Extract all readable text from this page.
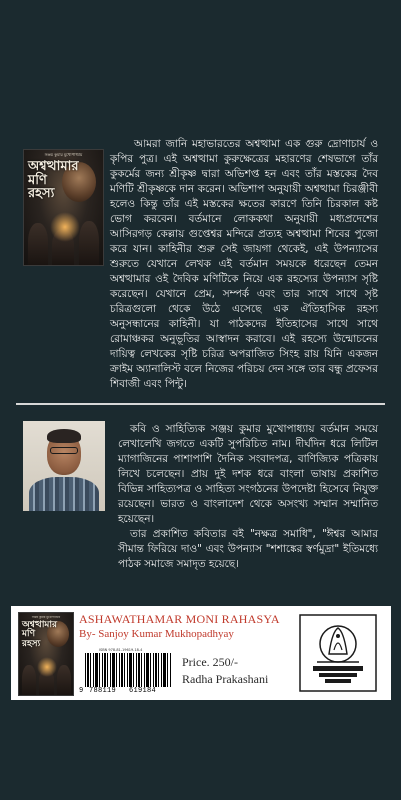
সঞ্জয় কুমার মুখোপাধ্যায়
অশ্বত্থামার
মণি
রহস্য

আমরা জানি মহাভারতের অশ্বত্থামা এক গুরু দ্রোণাচার্য ও কৃপির পুত্র। এই অশ্বত্থামা কুরুক্ষেত্রের মহারণের শেষভাগে তাঁর কুকর্মের জন্য শ্রীকৃষ্ণ দ্বারা অভিশপ্ত হন এবং তাঁর মস্তকের দৈব মণিটি শ্রীকৃষ্ণকে দান করেন। অভিশাপ অনুযায়ী অশ্বত্থামা চিরঞ্জীবী হলেও কিন্তু তাঁর এই মস্তকের ক্ষতের কারণে তিনি চিরকাল কষ্ট ভোগ করবেন। বর্তমানে লোককথা অনুযায়ী মধ্যপ্রদেশের আসিরগড় কেল্লায় গুপ্তেশ্বর মন্দিরে প্রত্যহ অশ্বত্থামা শিবের পুজো করে যান। কাহিনীর শুরু সেই জায়গা থেকেই, এই উপন্যাসের শুরুতে যেখানে লেখক এই বর্তমান সময়কে ধরেছেন তেমন অশ্বত্থামার ওই দৈবিক মণিটিকে নিয়ে এক রহস্যের উপন্যাস সৃষ্টি করেছেন। যেখানে প্রেম, সম্পর্ক এবং তার সাথে সাথে সৃষ্ট চরিত্রগুলো থেকে উঠে এসেছে এক ঐতিহাসিক রহস্য অনুসন্ধানের কাহিনী। যা পাঠকদের ইতিহাসের সাথে সাথে রোমাঞ্চকর অনুভূতির আস্বাদন করাবে। এই রহস্যে উন্মোচনের দায়িত্ব লেখকের সৃষ্টি চরিত্র অপরাজিত সিংহ রায় যিনি একজন ক্রাইম অ্যানালিস্ট বলে নিজের পরিচয় দেন সঙ্গে তার বন্ধু প্রফেসর শিবাজী এবং পিন্টু।

কবি ও সাহিত্যিক সঞ্জয় কুমার মুখোপাধ্যায় বর্তমান সময়ে লেখালেখি জগতে একটি সুপরিচিত নাম। দীর্ঘদিন ধরে লিটিল ম্যাগাজিনের পাশাপাশি দৈনিক সংবাদপত্র, বাণিজ্যিক পত্রিকায় লিখে চলেছেন। প্রায় দুই দশক ধরে বাংলা ভাষায় প্রকাশিত বিভিন্ন সাহিত্যপত্র ও সাহিত্য সংগঠনের উপদেষ্টা হিসেবে নিযুক্ত রয়েছেন। ভারত ও বাংলাদেশ থেকে অসংখ্য সম্মান সম্মানিত হয়েছেন।

তার প্রকাশিত কবিতার বই "নক্ষত্র সমাধি", "ঈশ্বর আমার সীমান্ত ফিরিয়ে দাও" এবং উপন্যাস "শশাঙ্কের স্বর্ণমুদ্রা" ইতিমধ্যে পাঠক সমাজে সমাদৃত হয়েছে।

সঞ্জয় কুমার মুখোপাধ্যায়
অশ্বত্থামার
মণি
রহস্য
ASHAWATHAMAR MONI RAHASYA
By- Sanjoy Kumar Mukhopadhyay
ISBN 978-81-19619-18-4
9 788119 619184
Price. 250/-
Radha Prakashani
